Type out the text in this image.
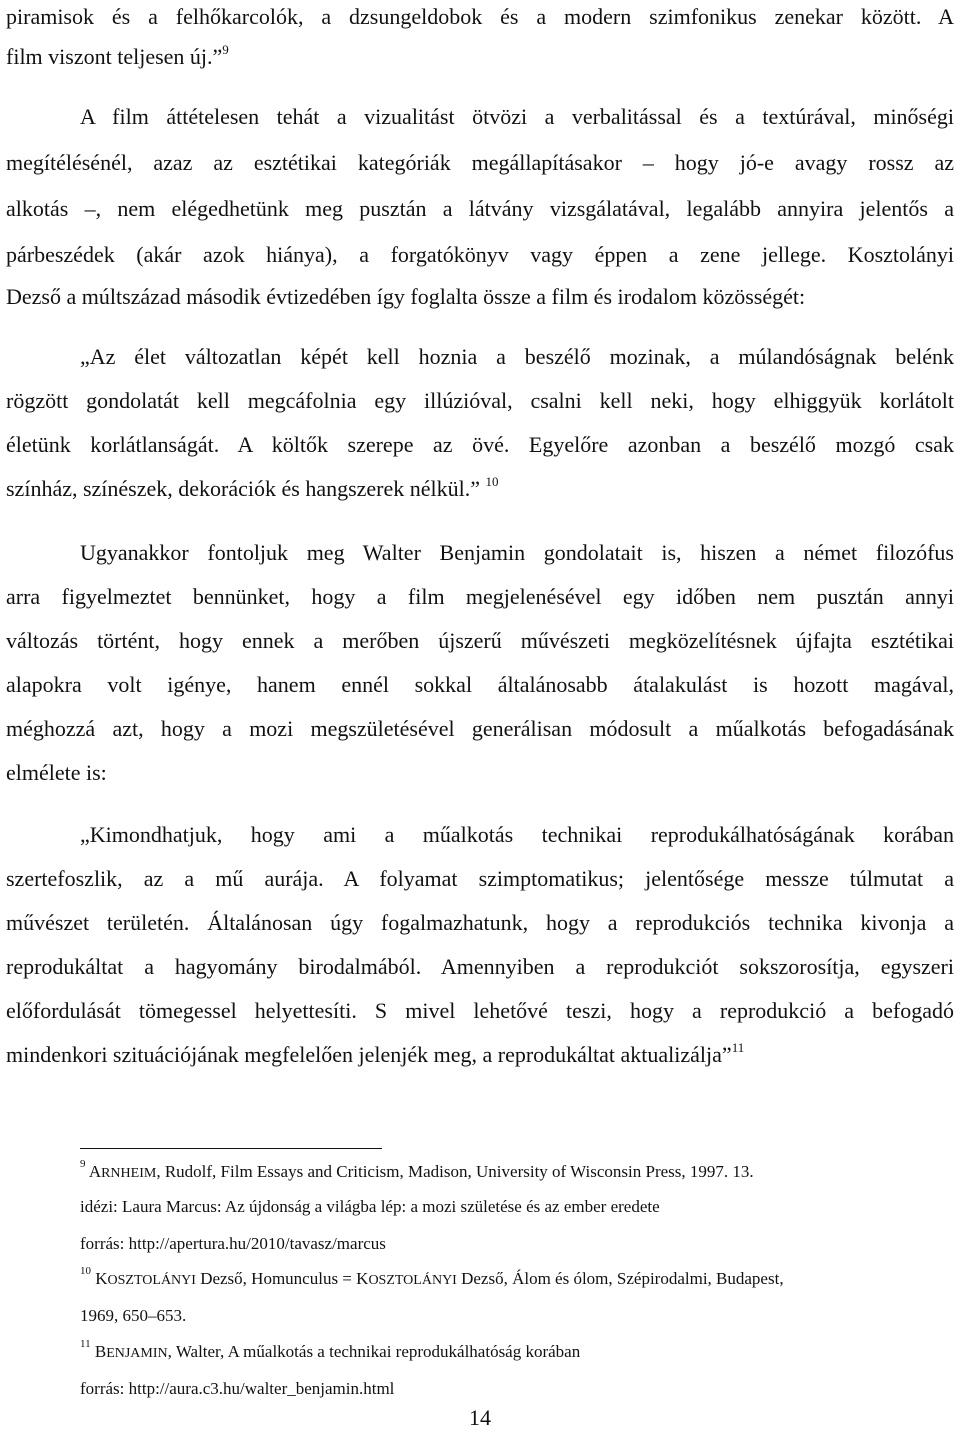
piramisok és a felhőkarcolók, a dzsungeldobok és a modern szimfonikus zenekar között. A
film viszont teljesen új.”$^9$
A film áttételesen tehát a vizualitást ötvözi a verbalitással és a textúrával, minőségi
megítélésénél, azaz az esztétikai kategóriák megállapításakor – hogy jó-e avagy rossz az
alkotás –, nem elégedhetünk meg pusztán a látvány vizsgálatával, legalább annyira jelentős a
párbeszédek (akár azok hiánya), a forgatókönyv vagy éppen a zene jellege. Kosztolányi
Dezső a múltszázad második évtizedében így foglalta össze a film és irodalom közösségét:
„Az élet változatlan képét kell hoznia a beszélő mozinak, a múlandóságnak belénk
rögzött gondolatát kell megcáfolnia egy illúzióval, csalni kell neki, hogy elhiggyük korlátolt
életünk korlátlanságát. A költők szerepe az övé. Egyelőre azonban a beszélő mozgó csak
színház, színészek, dekorációk és hangszerek nélkül.” $^{10}$
Ugyanakkor fontoljuk meg Walter Benjamin gondolatait is, hiszen a német filozófus
arra figyelmeztet bennünket, hogy a film megjelenésével egy időben nem pusztán annyi
változás történt, hogy ennek a merőben újszerű művészeti megközelítésnek újfajta esztétikai
alapokra volt igénye, hanem ennél sokkal általánosabb átalakulást is hozott magával,
méghozzá azt, hogy a mozi megszületésével generálisan módosult a műalkotás befogadásának
elmélete is:
„Kimondhatjuk, hogy ami a műalkotás technikai reprodukálhatóságának korában
szertefoszlik, az a mű aurája. A folyamat szimptomatikus; jelentősége messze túlmutat a
művészet területén. Általánosan úgy fogalmazhatunk, hogy a reprodukciós technika kivonja a
reprodukáltat a hagyomány birodalmából. Amennyiben a reprodukciót sokszorosítja, egyszeri
előfordulását tömegessel helyettesíti. S mivel lehetővé teszi, hogy a reprodukció a befogadó
mindenkori szituációjának megfelelően jelenjék meg, a reprodukáltat aktualizálja”$^{11}$
$^9$ ARNHEIM, Rudolf, Film Essays and Criticism, Madison, University of Wisconsin Press, 1997. 13.
idézi: Laura Marcus: Az újdonság a világba lép: a mozi születése és az ember eredete
forrás: http://apertura.hu/2010/tavasz/marcus
$^{10}$ KOSZTOLÁNYI Dezső, Homunculus = KOSZTOLÁNYI Dezső, Álom és ólom, Szépirodalmi, Budapest,
1969, 650–653.
$^{11}$ BENJAMIN, Walter, A műalkotás a technikai reprodukálhatóság korában
forrás: http://aura.c3.hu/walter_benjamin.html
14
